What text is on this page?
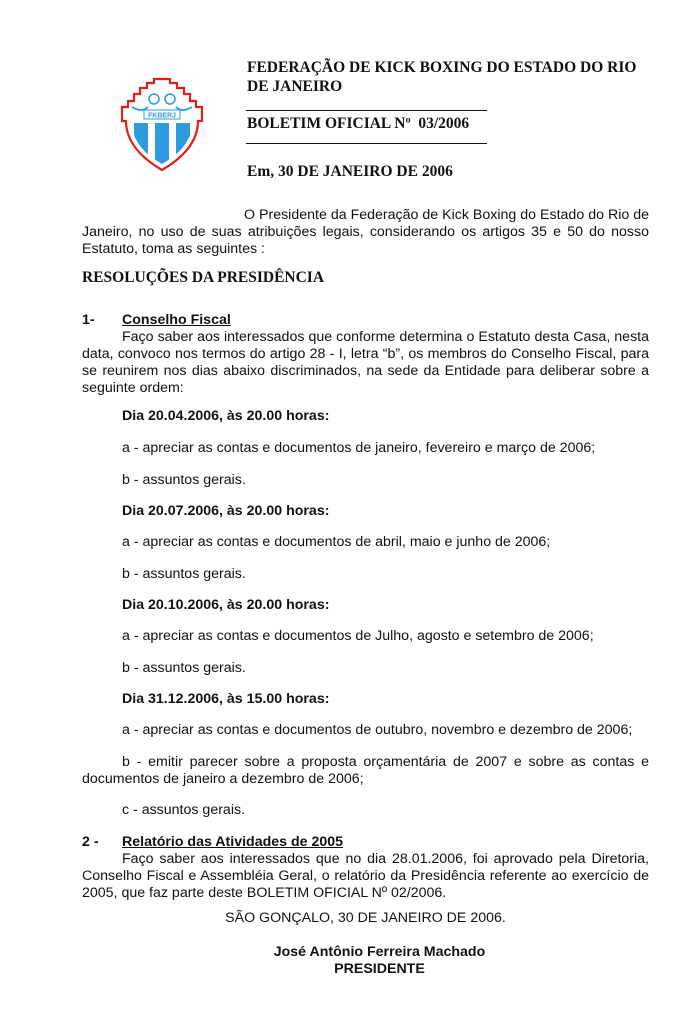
FKBERJ
FEDERAÇÃO DE KICK BOXING DO ESTADO DO RIO DE JANEIRO
BOLETIM OFICIAL Nº  03/2006
Em, 30 DE JANEIRO DE 2006
O Presidente da Federação de Kick Boxing do Estado do Rio de Janeiro, no uso de suas atribuições legais, considerando os artigos 35 e 50 do nosso Estatuto, toma as seguintes :
RESOLUÇÕES DA PRESIDÊNCIA
1- Conselho Fiscal
Faço saber aos interessados que conforme determina o Estatuto desta Casa, nesta data, convoco nos termos do artigo 28 - I, letra “b”, os membros do Conselho Fiscal, para se reunirem nos dias abaixo discriminados, na sede da Entidade para deliberar sobre a seguinte ordem:
Dia 20.04.2006, às 20.00 horas:
a - apreciar as contas e documentos de janeiro, fevereiro e março de 2006;
b - assuntos gerais.
Dia 20.07.2006, às 20.00 horas:
a - apreciar as contas e documentos de abril, maio e junho de 2006;
b - assuntos gerais.
Dia 20.10.2006, às 20.00 horas:
a - apreciar as contas e documentos de Julho, agosto e setembro de 2006;
b - assuntos gerais.
Dia 31.12.2006, às 15.00 horas:
a - apreciar as contas e documentos de outubro, novembro e dezembro de 2006;
b - emitir parecer sobre a proposta orçamentária de 2007 e sobre as contas e documentos de janeiro a dezembro de 2006;
c - assuntos gerais.
2 - Relatório das Atividades de 2005
Faço saber aos interessados que no dia 28.01.2006, foi aprovado pela Diretoria, Conselho Fiscal e Assembléia Geral, o relatório da Presidência referente ao exercício de 2005, que faz parte deste BOLETIM OFICIAL Nº 02/2006.
SÃO GONÇALO, 30 DE JANEIRO DE 2006.
José Antônio Ferreira Machado
PRESIDENTE
